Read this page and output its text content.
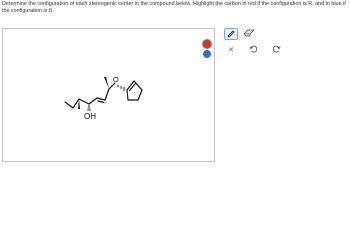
Determine the configuration of each stereogenic center in the compound below. Highlight the carbon in red if the configuration is R, and in blue if the configuration is S.
OH
O
✕
